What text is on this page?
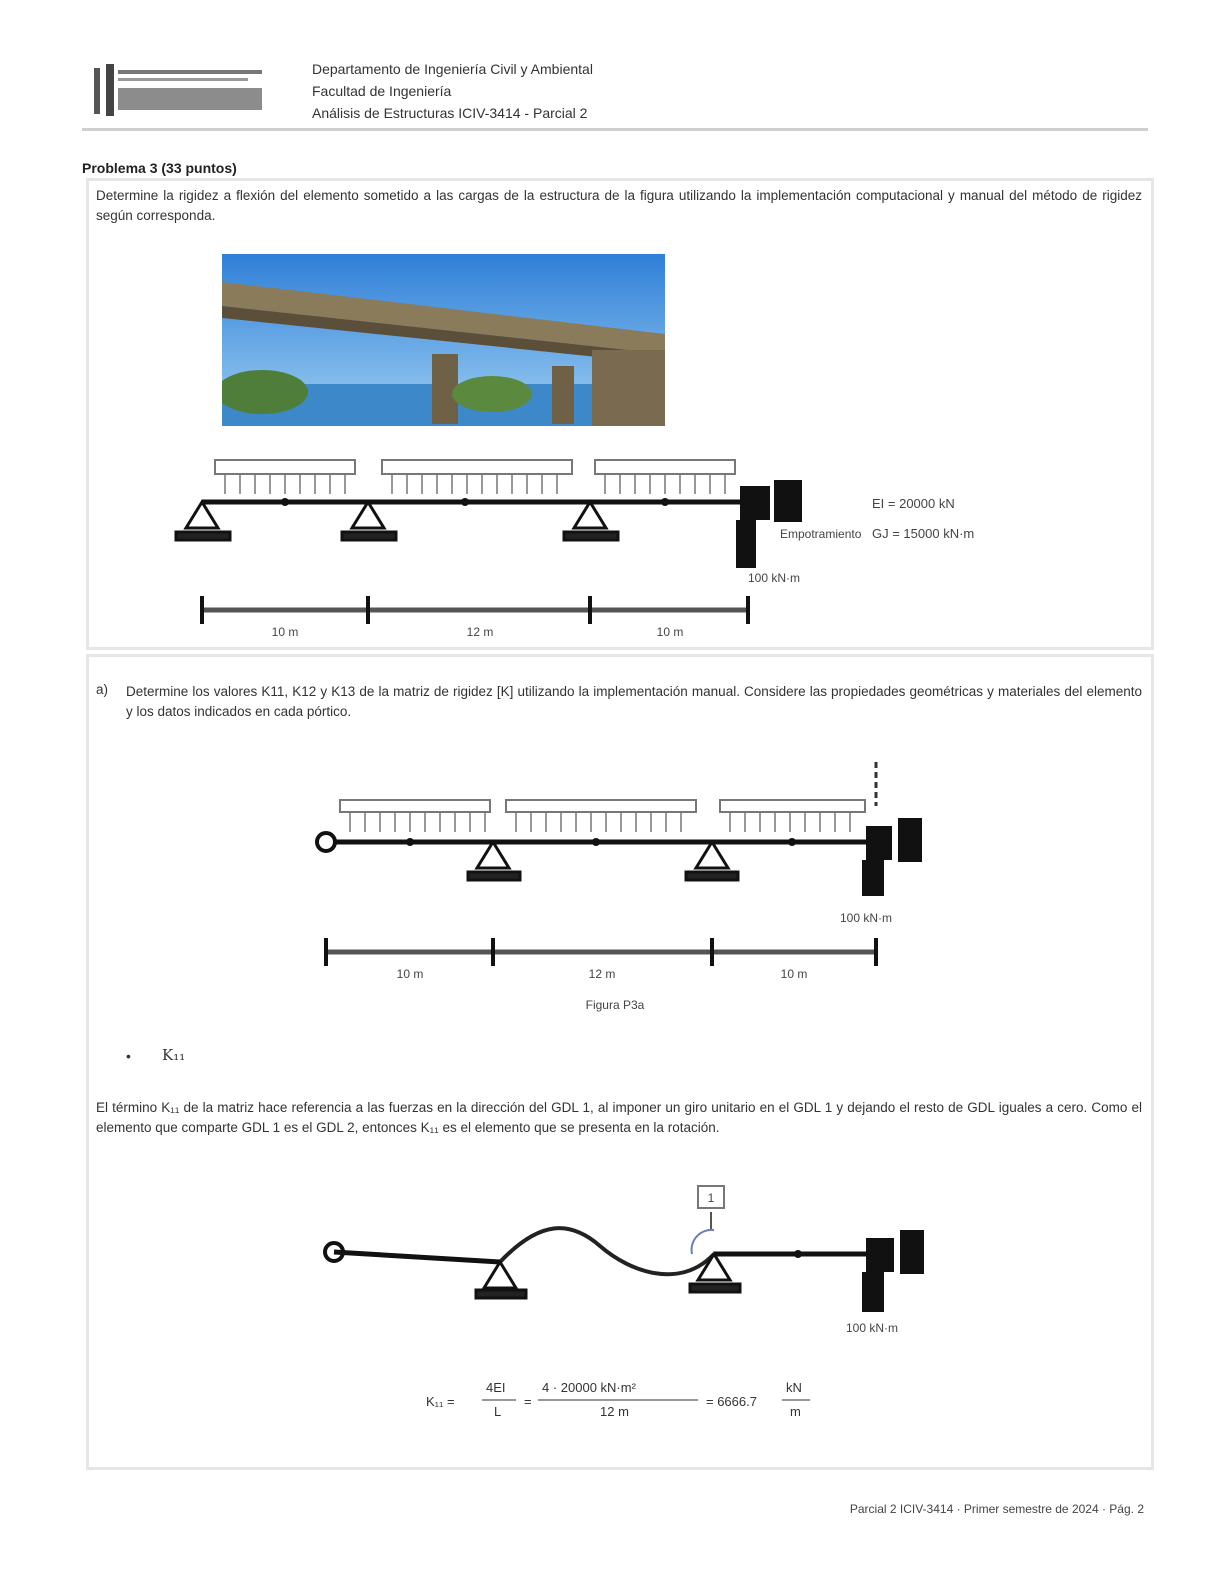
Departamento de Ingeniería Civil y Ambiental
Facultad de Ingeniería
Análisis de Estructuras ICIV-3414 - Parcial 2
Problema 3 (33 puntos)
Determine la rigidez a flexión del elemento sometido a las cargas de la estructura de la figura utilizando la implementación computacional y manual del método de rigidez según corresponda.
100 kN·m
Empotramiento
EI = 20000 kN
GJ = 15000 kN·m
10 m	12 m	10 m
a) Determine los valores K11, K12 y K13 de la matriz de rigidez [K] utilizando la implementación manual. Considere las propiedades geométricas y materiales del elemento y los datos indicados en cada pórtico.
100 kN·m
10 m	12 m	10 m
Figura P3a
• K₁₁
El término K₁₁ de la matriz hace referencia a las fuerzas en la dirección del GDL 1, al imponer un giro unitario en el GDL 1 y dejando el resto de GDL iguales a cero. Como el elemento que comparte GDL 1 es el GDL 2, entonces K₁₁ es el elemento que se presenta en la rotación.
1
100 kN·m
K₁₁ =
4EI
L
=
4 · 20000 kN·m²
12 m
= 6666.7
kN
m
Parcial 2 ICIV-3414 · Primer semestre de 2024 · Pág. 2
